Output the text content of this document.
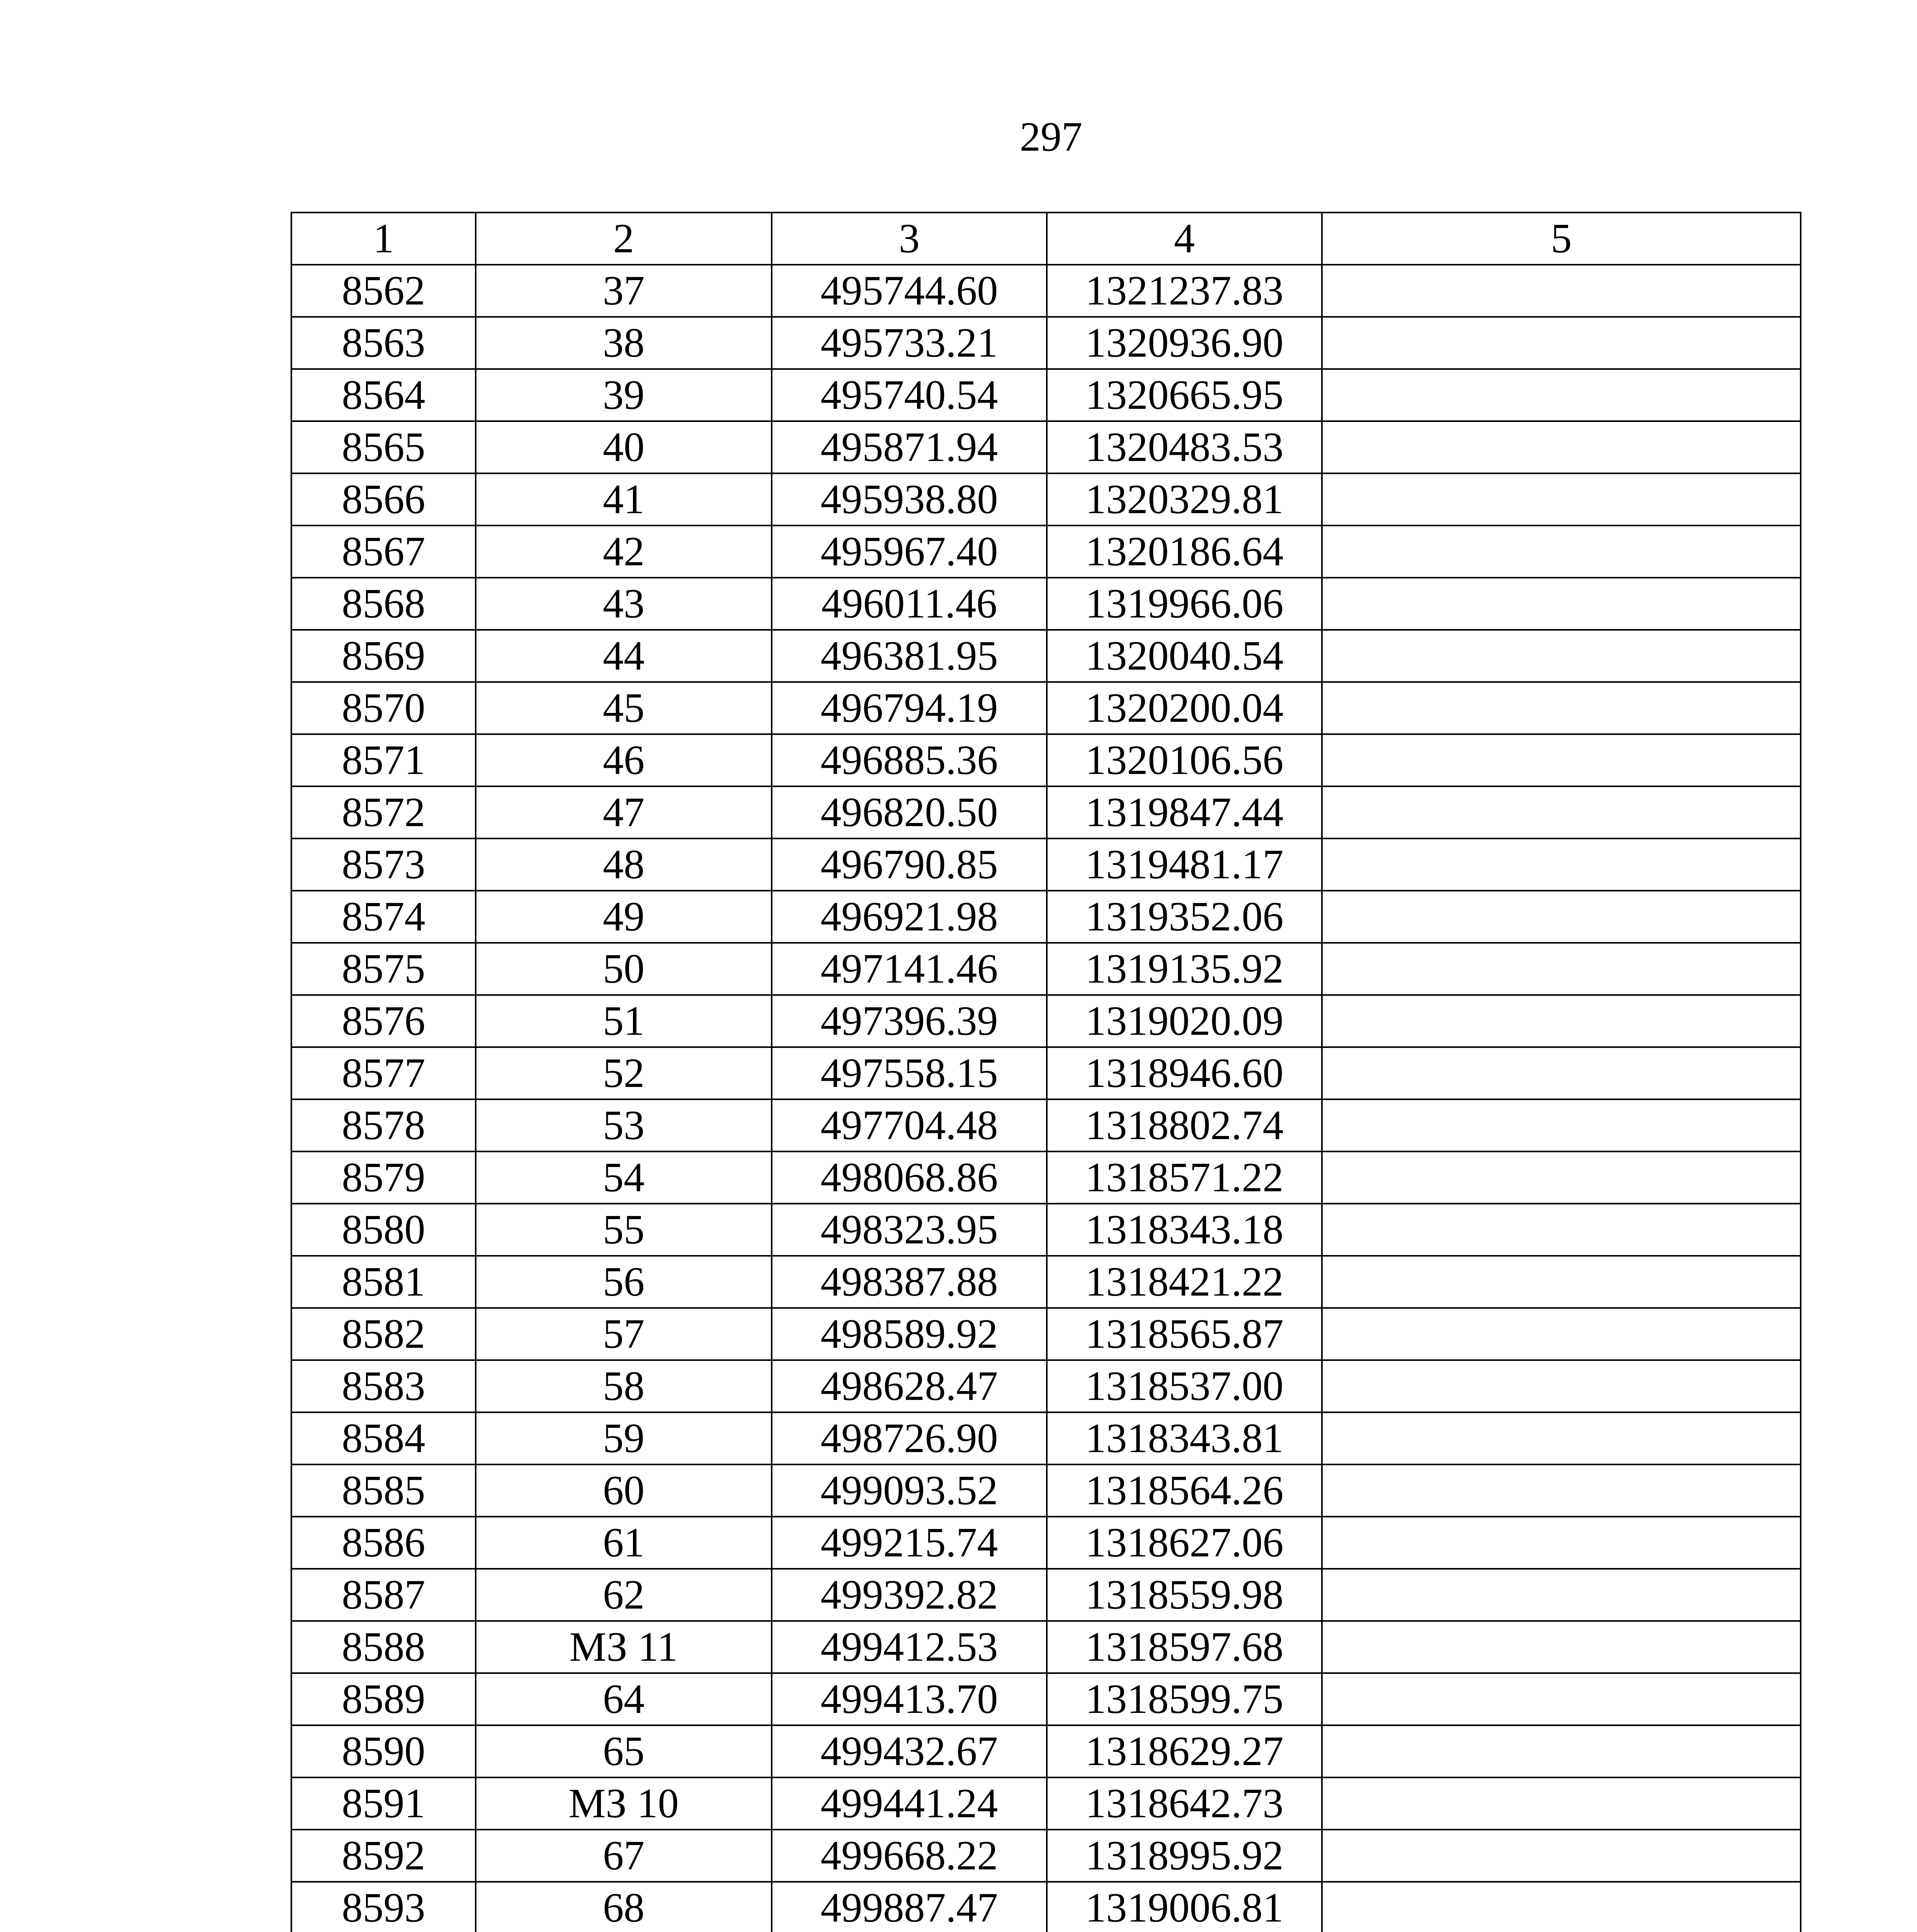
297
1	2	3	4	5
8562	37	495744.60	1321237.83	
8563	38	495733.21	1320936.90	
8564	39	495740.54	1320665.95	
8565	40	495871.94	1320483.53	
8566	41	495938.80	1320329.81	
8567	42	495967.40	1320186.64	
8568	43	496011.46	1319966.06	
8569	44	496381.95	1320040.54	
8570	45	496794.19	1320200.04	
8571	46	496885.36	1320106.56	
8572	47	496820.50	1319847.44	
8573	48	496790.85	1319481.17	
8574	49	496921.98	1319352.06	
8575	50	497141.46	1319135.92	
8576	51	497396.39	1319020.09	
8577	52	497558.15	1318946.60	
8578	53	497704.48	1318802.74	
8579	54	498068.86	1318571.22	
8580	55	498323.95	1318343.18	
8581	56	498387.88	1318421.22	
8582	57	498589.92	1318565.87	
8583	58	498628.47	1318537.00	
8584	59	498726.90	1318343.81	
8585	60	499093.52	1318564.26	
8586	61	499215.74	1318627.06	
8587	62	499392.82	1318559.98	
8588	МЗ 11	499412.53	1318597.68	
8589	64	499413.70	1318599.75	
8590	65	499432.67	1318629.27	
8591	МЗ 10	499441.24	1318642.73	
8592	67	499668.22	1318995.92	
8593	68	499887.47	1319006.81	
